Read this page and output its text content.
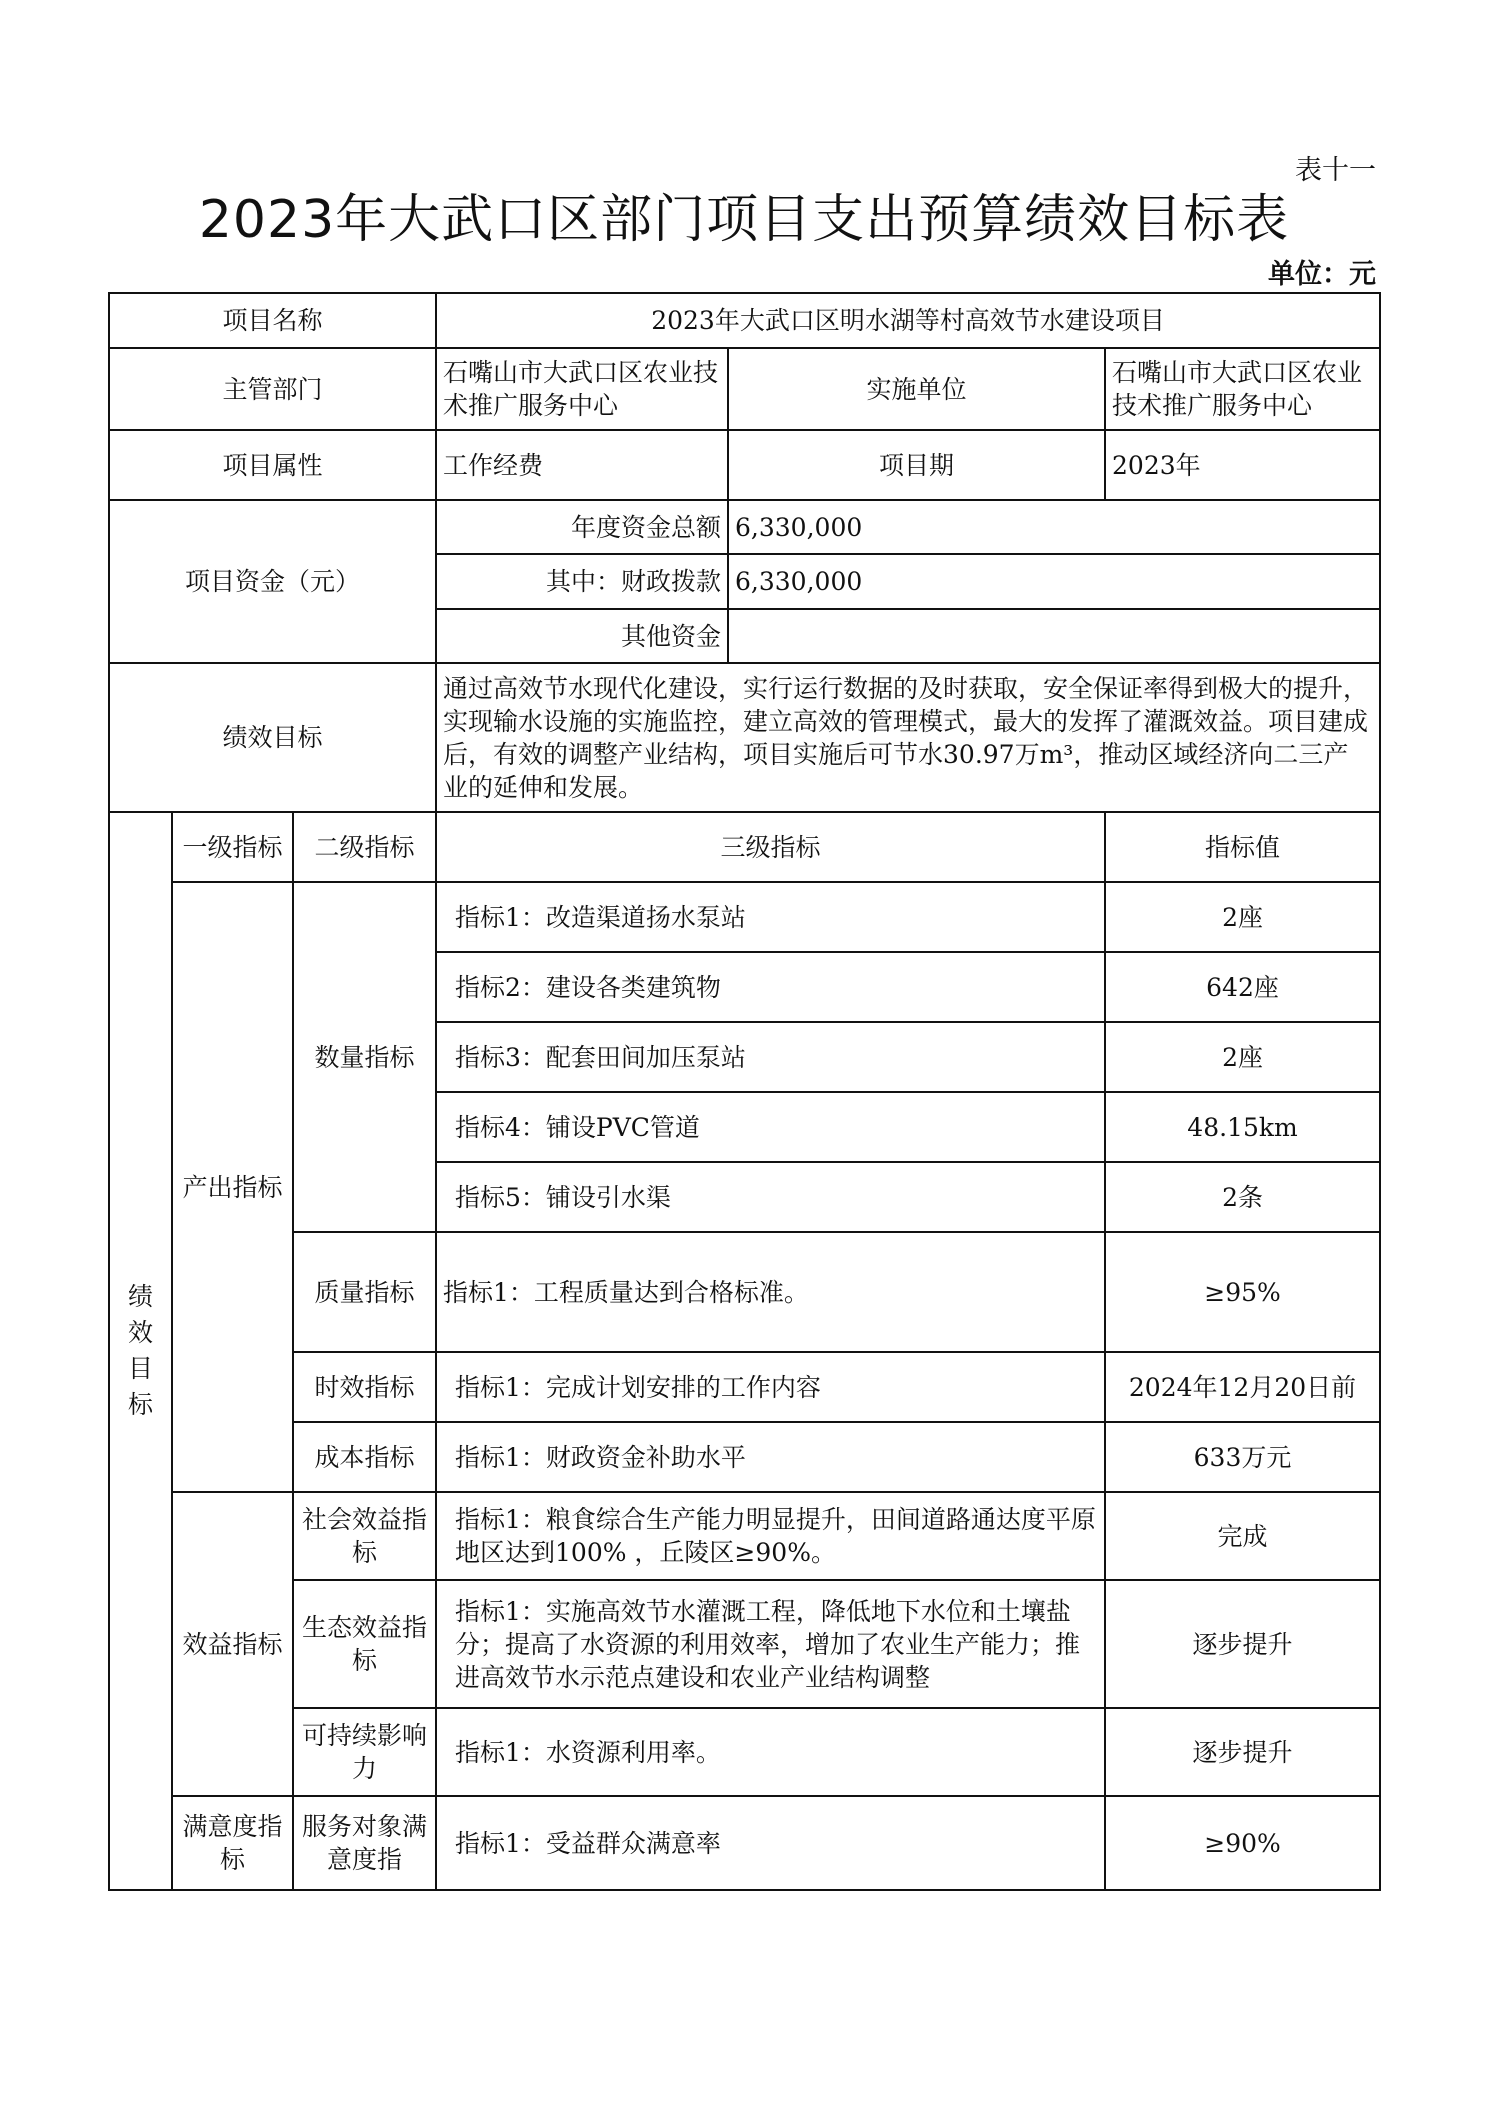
表十一
2023年大武口区部门项目支出预算绩效目标表
单位：元
项目名称			2023年大武口区明水湖等村高效节水建设项目		
主管部门			石嘴山市大武口区农业技术推广服务中心	实施单位	石嘴山市大武口区农业技术推广服务中心
项目属性			工作经费	项目期	2023年
项目资金（元）			年度资金总额	6,330,000	
			其中：财政拨款	6,330,000	
			其他资金		
绩效目标			通过高效节水现代化建设，实行运行数据的及时获取，安全保证率得到极大的提升，实现输水设施的实施监控，建立高效的管理模式，最大的发挥了灌溉效益。项目建成后，有效的调整产业结构，项目实施后可节水30.97万m³，推动区域经济向二三产业的延伸和发展。		
绩效目标	一级指标	二级指标	三级指标		指标值
	产出指标	数量指标	指标1：改造渠道扬水泵站		2座
			指标2：建设各类建筑物		642座
			指标3：配套田间加压泵站		2座
			指标4：铺设PVC管道		48.15km
			指标5：铺设引水渠		2条
		质量指标	指标1：工程质量达到合格标准。		≥95%
		时效指标	指标1：完成计划安排的工作内容		2024年12月20日前
		成本指标	指标1：财政资金补助水平		633万元
	效益指标	社会效益指标	指标1：粮食综合生产能力明显提升，田间道路通达度平原地区达到100% ，丘陵区≥90%。		完成
		生态效益指标	指标1：实施高效节水灌溉工程，降低地下水位和土壤盐分；提高了水资源的利用效率，增加了农业生产能力；推进高效节水示范点建设和农业产业结构调整		逐步提升
		可持续影响力	指标1：水资源利用率。		逐步提升
	满意度指标	服务对象满意度指	指标1：受益群众满意率		≥90%
